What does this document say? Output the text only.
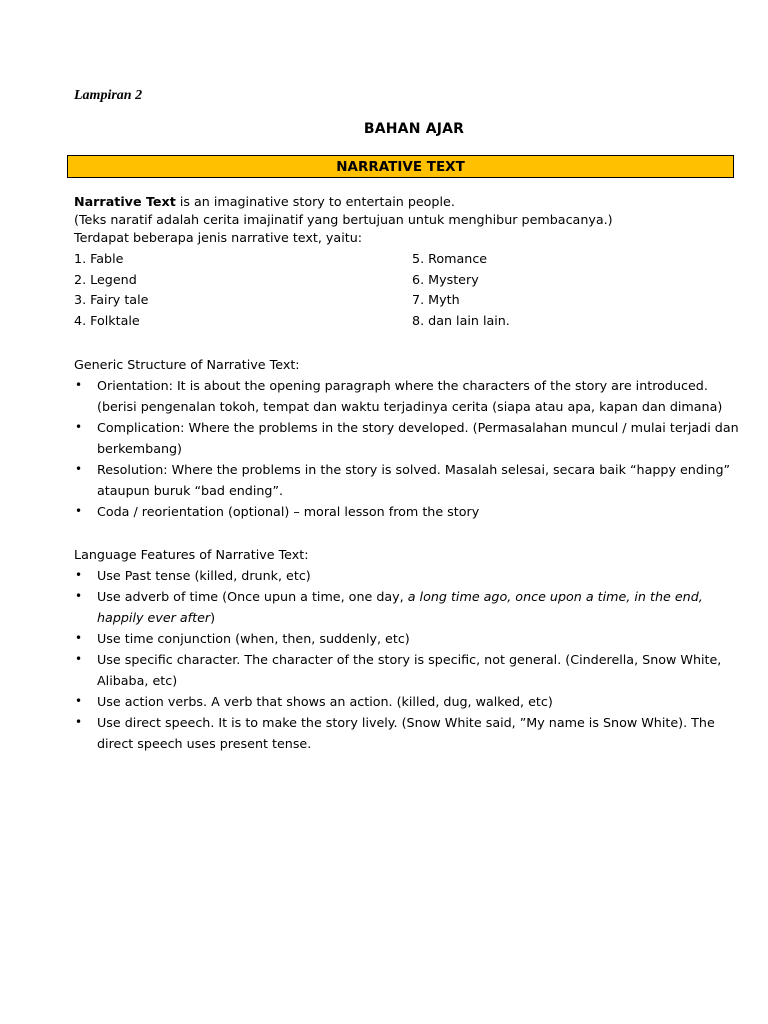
Lampiran 2
BAHAN AJAR
NARRATIVE TEXT
Narrative Text is an imaginative story to entertain people.
(Teks naratif adalah cerita imajinatif yang bertujuan untuk menghibur pembacanya.)
Terdapat beberapa jenis narrative text, yaitu:
1. Fable
2. Legend
3. Fairy tale
4. Folktale
5. Romance
6. Mystery
7. Myth
8. dan lain lain.
Generic Structure of Narrative Text:
• Orientation: It is about the opening paragraph where the characters of the story are introduced. (berisi pengenalan tokoh, tempat dan waktu terjadinya cerita (siapa atau apa, kapan dan dimana)
• Complication: Where the problems in the story developed. (Permasalahan muncul / mulai terjadi dan berkembang)
• Resolution: Where the problems in the story is solved. Masalah selesai, secara baik “happy ending” ataupun buruk “bad ending”.
• Coda / reorientation (optional) – moral lesson from the story
Language Features of Narrative Text:
• Use Past tense (killed, drunk, etc)
• Use adverb of time (Once upun a time, one day, a long time ago, once upon a time, in the end, happily ever after)
• Use time conjunction (when, then, suddenly, etc)
• Use specific character. The character of the story is specific, not general. (Cinderella, Snow White, Alibaba, etc)
• Use action verbs. A verb that shows an action. (killed, dug, walked, etc)
• Use direct speech. It is to make the story lively. (Snow White said, ”My name is Snow White). The direct speech uses present tense.
